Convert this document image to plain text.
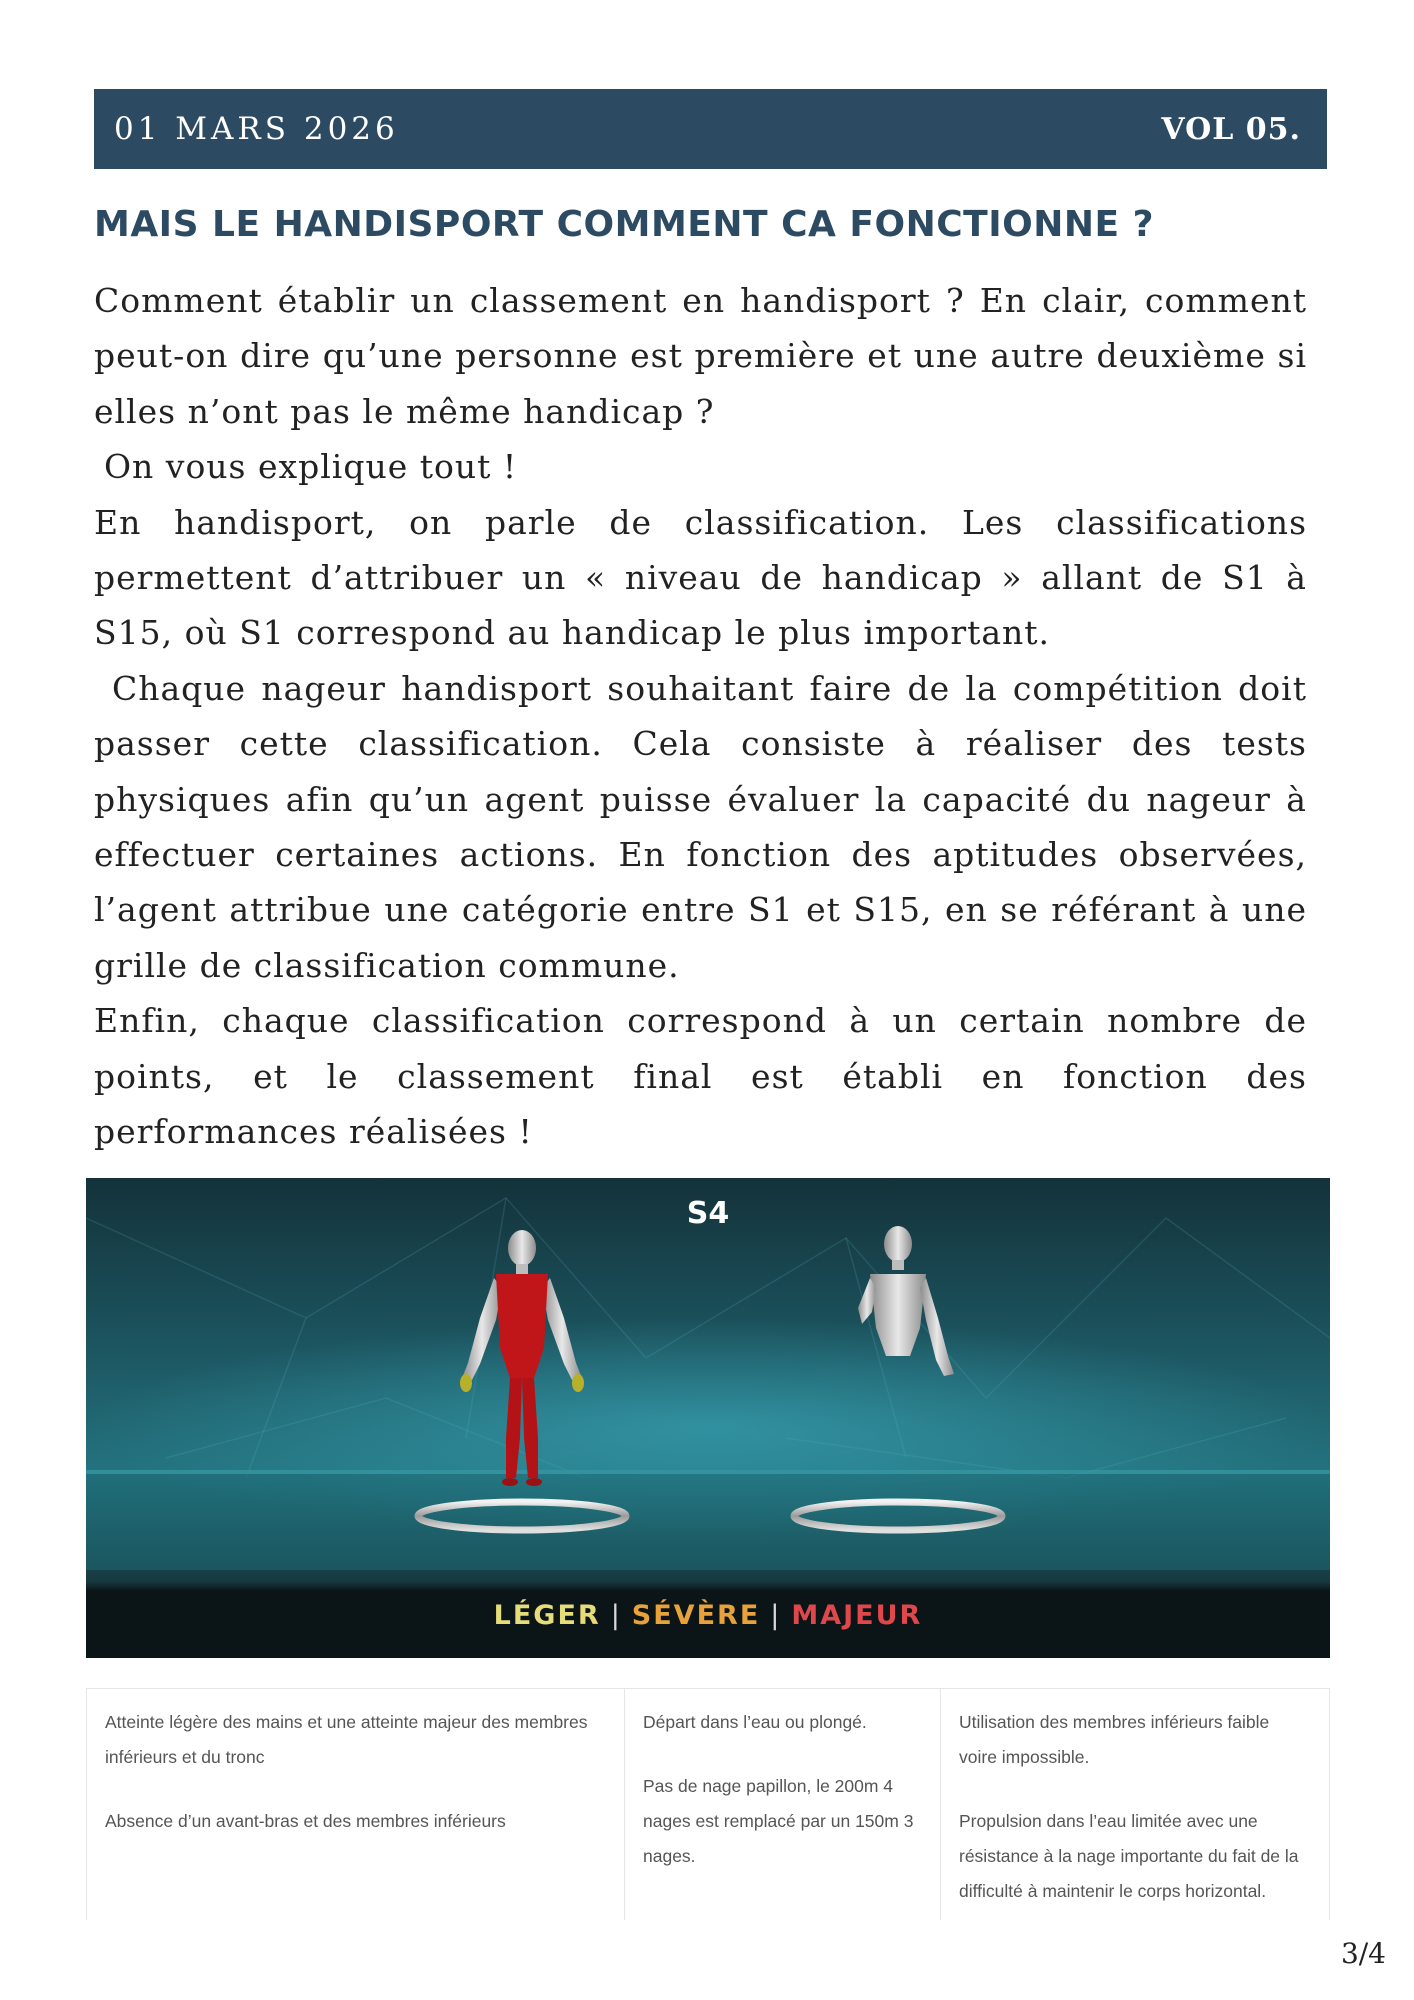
01 MARS 2026	VOL 05.
MAIS LE HANDISPORT COMMENT CA FONCTIONNE ?

Comment établir un classement en handisport ? En clair, comment peut-on dire qu’une personne est première et une autre deuxième si elles n’ont pas le même handicap ?

On vous explique tout !

En handisport, on parle de classification. Les classifications permettent d’attribuer un « niveau de handicap » allant de S1 à S15, où S1 correspond au handicap le plus important.

Chaque nageur handisport souhaitant faire de la compétition doit passer cette classification. Cela consiste à réaliser des tests physiques afin qu’un agent puisse évaluer la capacité du nageur à effectuer certaines actions. En fonction des aptitudes observées, l’agent attribue une catégorie entre S1 et S15, en se référant à une grille de classification commune.

Enfin, chaque classification correspond à un certain nombre de points, et le classement final est établi en fonction des performances réalisées !

S4
LÉGER | SÉVÈRE | MAJEUR

Atteinte légère des mains et une atteinte majeur des membres inférieurs et du tronc

Absence d’un avant-bras et des membres inférieurs

Départ dans l’eau ou plongé.

Pas de nage papillon, le 200m 4 nages est remplacé par un 150m 3 nages.

Utilisation des membres inférieurs faible voire impossible.

Propulsion dans l’eau limitée avec une résistance à la nage importante du fait de la difficulté à maintenir le corps horizontal.

3/4
